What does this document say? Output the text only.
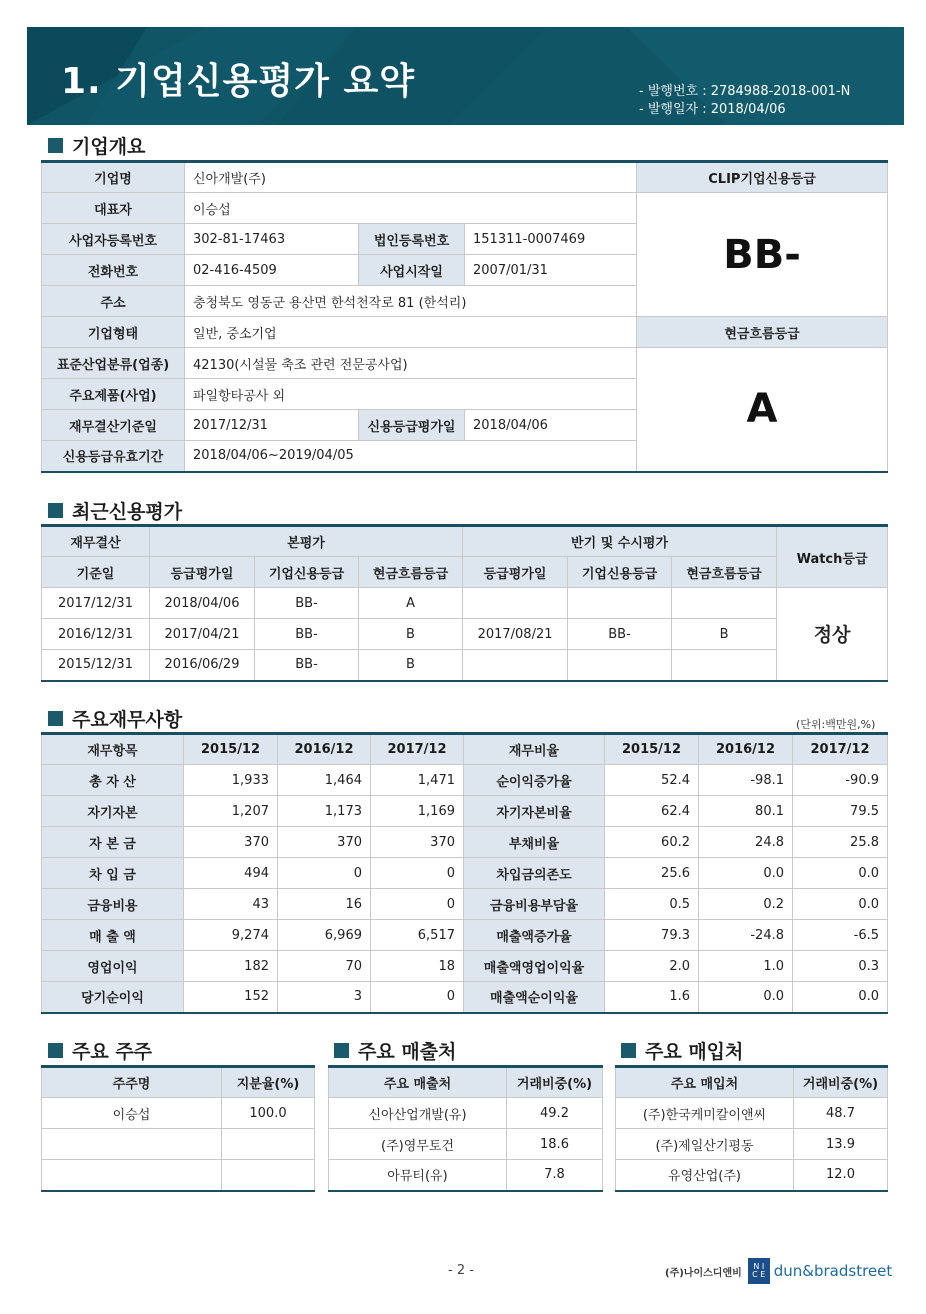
1. 기업신용평가 요약	- 발행번호 : 2784988-2018-001-N
- 발행일자 : 2018/04/06
기업개요
기업명	신아개발(주)			CLIP기업신용등급
대표자	이승섭			BB-
사업자등록번호	302-81-17463	법인등록번호	151311-0007469	
전화번호	02-416-4509	사업시작일	2007/01/31	
주소	충청북도 영동군 용산면 한석천작로 81 (한석리)			
기업형태	일반, 중소기업			현금흐름등급
표준산업분류(업종)	42130(시설물 축조 관련 전문공사업)			A
주요제품(사업)	파일항타공사 외			
재무결산기준일	2017/12/31	신용등급평가일	2018/04/06	
신용등급유효기간	2018/04/06~2019/04/05			
최근신용평가
재무결산	본평가			반기 및 수시평가			Watch등급
기준일	등급평가일	기업신용등급	현금흐름등급	등급평가일	기업신용등급	현금흐름등급	
2017/12/31	2018/04/06	BB-	A				정상
2016/12/31	2017/04/21	BB-	B	2017/08/21	BB-	B	
2015/12/31	2016/06/29	BB-	B				
주요재무사항	(단위:백만원,%)
재무항목	2015/12	2016/12	2017/12	재무비율	2015/12	2016/12	2017/12
총 자 산	1,933	1,464	1,471	순이익증가율	52.4	-98.1	-90.9
자기자본	1,207	1,173	1,169	자기자본비율	62.4	80.1	79.5
자 본 금	370	370	370	부채비율	60.2	24.8	25.8
차 입 금	494	0	0	차입금의존도	25.6	0.0	0.0
금융비용	43	16	0	금융비용부담율	0.5	0.2	0.0
매 출 액	9,274	6,969	6,517	매출액증가율	79.3	-24.8	-6.5
영업이익	182	70	18	매출액영업이익율	2.0	1.0	0.3
당기순이익	152	3	0	매출액순이익율	1.6	0.0	0.0
주요 주주
주주명	지분율(%)
이승섭	100.0

주요 매출처
주요 매출처	거래비중(%)
신아산업개발(유)	49.2
(주)영무토건	18.6
아뮤티(유)	7.8
주요 매입처
주요 매입처	거래비중(%)
(주)한국케미칼이앤씨	48.7
(주)제일산기평동	13.9
유영산업(주)	12.0
- 2 -	(주)나이스디앤비
N I
C E dun&bradstreet
